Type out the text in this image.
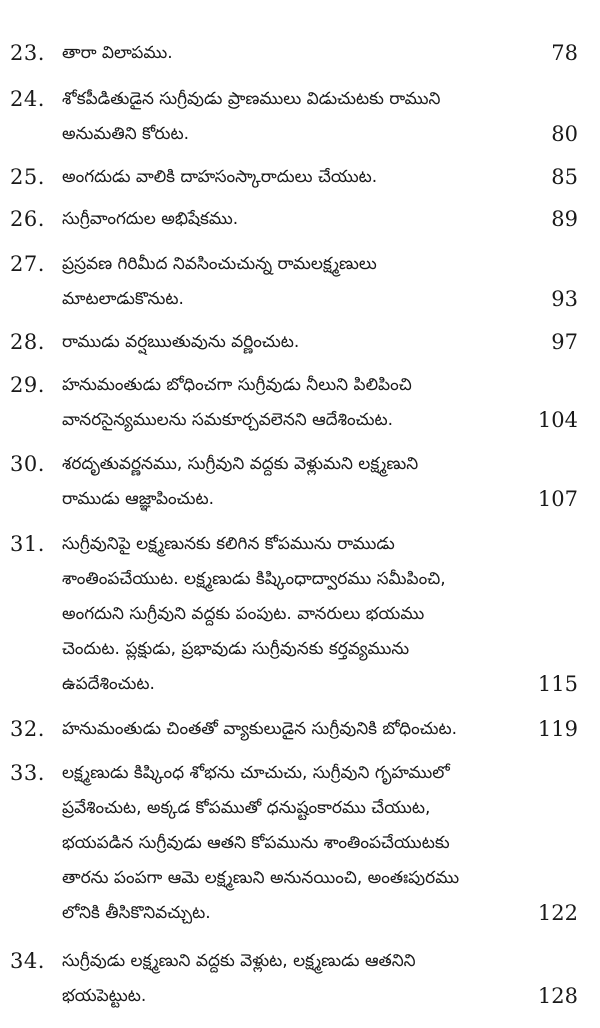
23. తారా విలాపము.	78
24. శోకపీడితుడైన సుగ్రీవుడు ప్రాణములు విడుచుటకు రాముని
అనుమతిని కోరుట.	80
25. అంగదుడు వాలికి దాహసంస్కారాదులు చేయుట.	85
26. సుగ్రీవాంగదుల అభిషేకము.	89
27. ప్రస్రవణ గిరిమీద నివసించుచున్న రామలక్ష్మణులు
మాటలాడుకొనుట.	93
28. రాముడు వర్షఋతువును వర్ణించుట.	97
29. హనుమంతుడు బోధించగా సుగ్రీవుడు నీలుని పిలిపించి
వానరసైన్యములను సమకూర్చవలెనని ఆదేశించుట.	104
30. శరదృతువర్ణనము, సుగ్రీవుని వద్దకు వెళ్లుమని లక్ష్మణుని
రాముడు ఆజ్ఞాపించుట.	107
31. సుగ్రీవునిపై లక్ష్మణునకు కలిగిన కోపమును రాముడు
శాంతింపచేయుట. లక్ష్మణుడు కిష్కింధాద్వారము సమీపించి,
అంగదుని సుగ్రీవుని వద్దకు పంపుట. వానరులు భయము
చెందుట. ప్లక్షుడు, ప్రభావుడు సుగ్రీవునకు కర్తవ్యమును
ఉపదేశించుట.	115
32. హనుమంతుడు చింతతో వ్యాకులుడైన సుగ్రీవునికి బోధించుట.	119
33. లక్ష్మణుడు కిష్కింధ శోభను చూచుచు, సుగ్రీవుని గృహములో
ప్రవేశించుట, అక్కడ కోపముతో ధనుష్టంకారము చేయుట,
భయపడిన సుగ్రీవుడు ఆతని కోపమును శాంతింపచేయుటకు
తారను పంపగా ఆమె లక్ష్మణుని అనునయించి, అంతఃపురము
లోనికి తీసికొనివచ్చుట.	122
34. సుగ్రీవుడు లక్ష్మణుని వద్దకు వెళ్లుట, లక్ష్మణుడు ఆతనిని
భయపెట్టుట.	128
